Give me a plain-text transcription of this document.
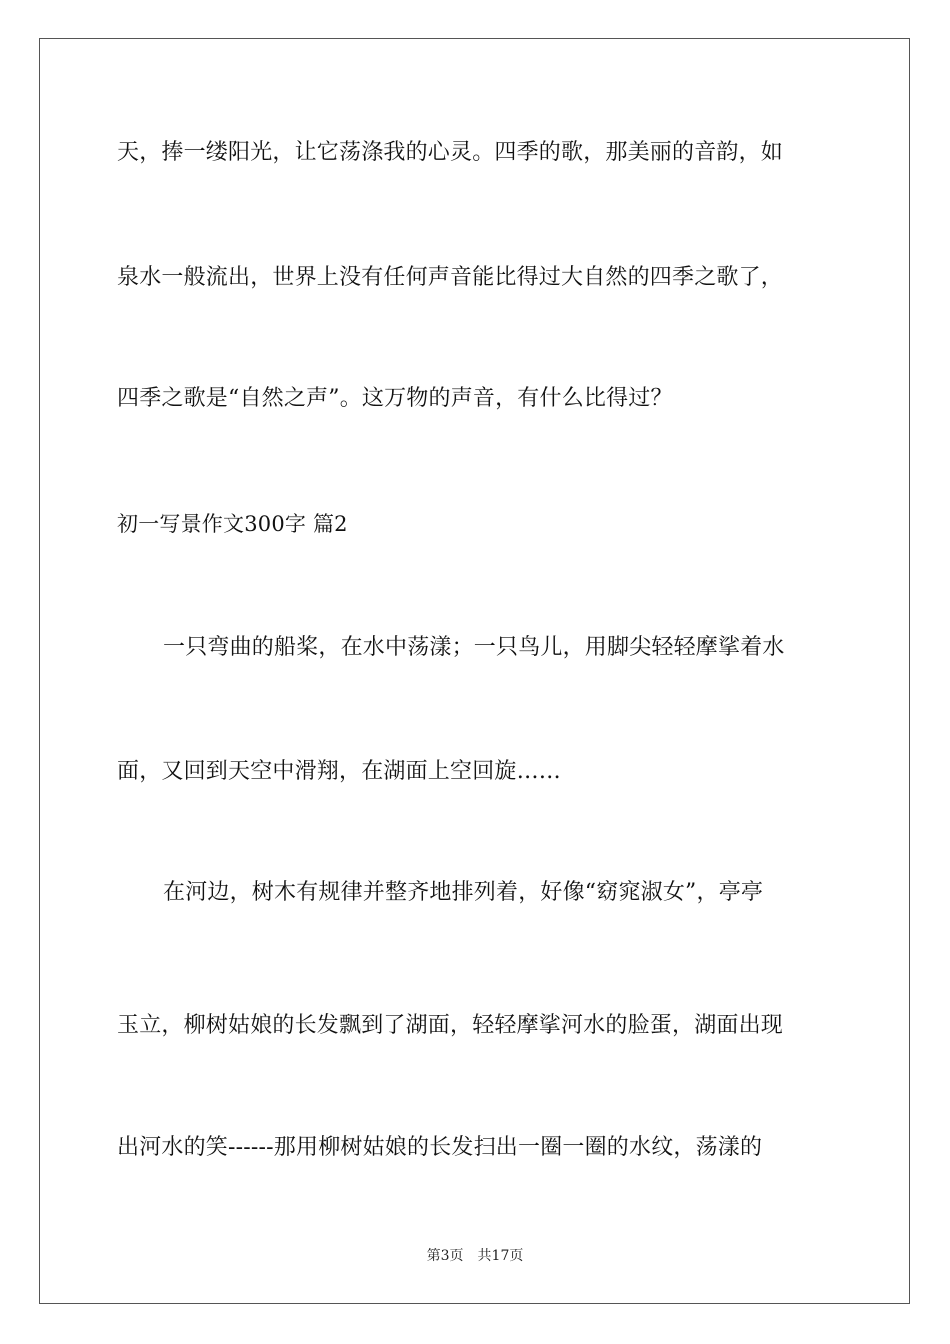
天，捧一缕阳光，让它荡涤我的心灵。四季的歌，那美丽的音韵，如
泉水一般流出，世界上没有任何声音能比得过大自然的四季之歌了，
四季之歌是“自然之声”。这万物的声音，有什么比得过？
初一写景作文300字 篇2
一只弯曲的船桨，在水中荡漾；一只鸟儿，用脚尖轻轻摩挲着水
面，又回到天空中滑翔，在湖面上空回旋……
在河边，树木有规律并整齐地排列着，好像“窈窕淑女”，亭亭
玉立，柳树姑娘的长发飘到了湖面，轻轻摩挲河水的脸蛋，湖面出现
出河水的笑------那用柳树姑娘的长发扫出一圈一圈的水纹，荡漾的
第3页 共17页
